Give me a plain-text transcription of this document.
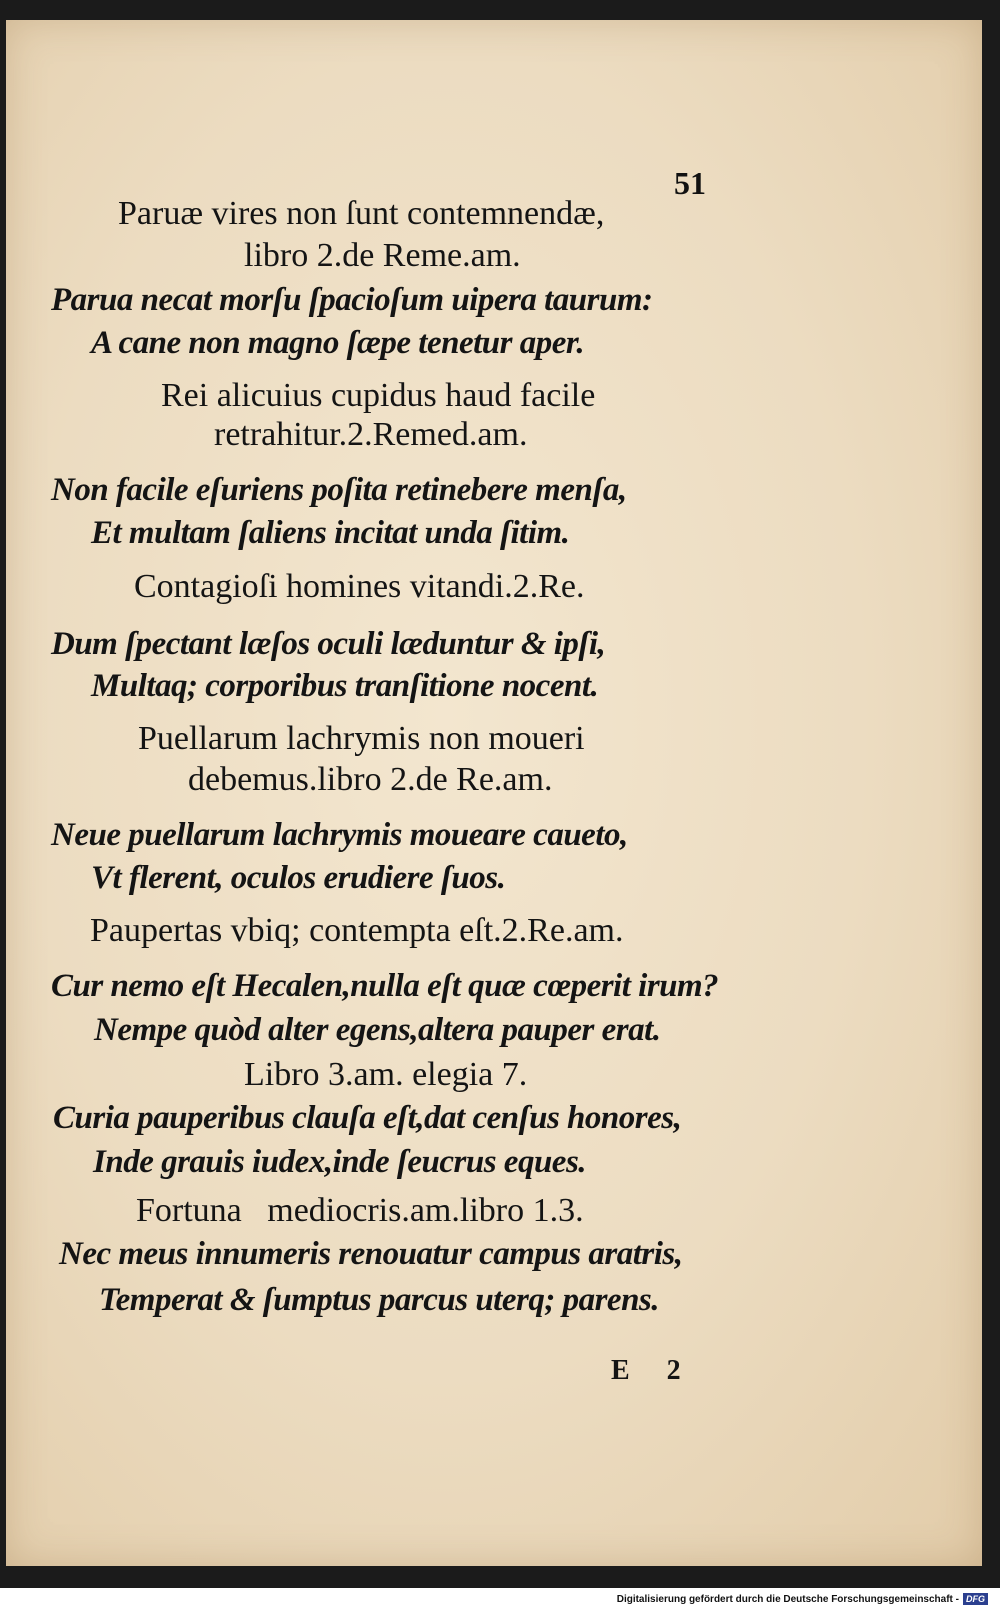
51
Paruæ vires non ſunt contemnendæ,
libro 2.de Reme.am.
Parua necat morſu ſpacioſum uipera taurum:
A cane non magno ſæpe tenetur aper.
Rei alicuius cupidus haud facile
retrahitur.2.Remed.am.
Non facile eſuriens poſita retinebere menſa,
Et multam ſaliens incitat unda ſitim.
Contagioſi homines vitandi.2.Re.
Dum ſpectant læſos oculi læduntur & ipſi,
Multaq; corporibus tranſitione nocent.
Puellarum lachrymis non moueri
debemus.libro 2.de Re.am.
Neue puellarum lachrymis moueare caueto,
Vt flerent, oculos erudiere ſuos.
Paupertas vbiq; contempta eſt.2.Re.am.
Cur nemo eſt Hecalen,nulla eſt quæ cœperit irum?
Nempe quòd alter egens,altera pauper erat.
Libro 3.am. elegia 7.
Curia pauperibus clauſa eſt,dat cenſus honores,
Inde grauis iudex,inde ſeucrus eques.
Fortuna   mediocris.am.libro 1.3.
Nec meus innumeris renouatur campus aratris,
Temperat & ſumptus parcus uterq; parens.
E 2
Digitalisierung gefördert durch die Deutsche Forschungsgemeinschaft - DFG
